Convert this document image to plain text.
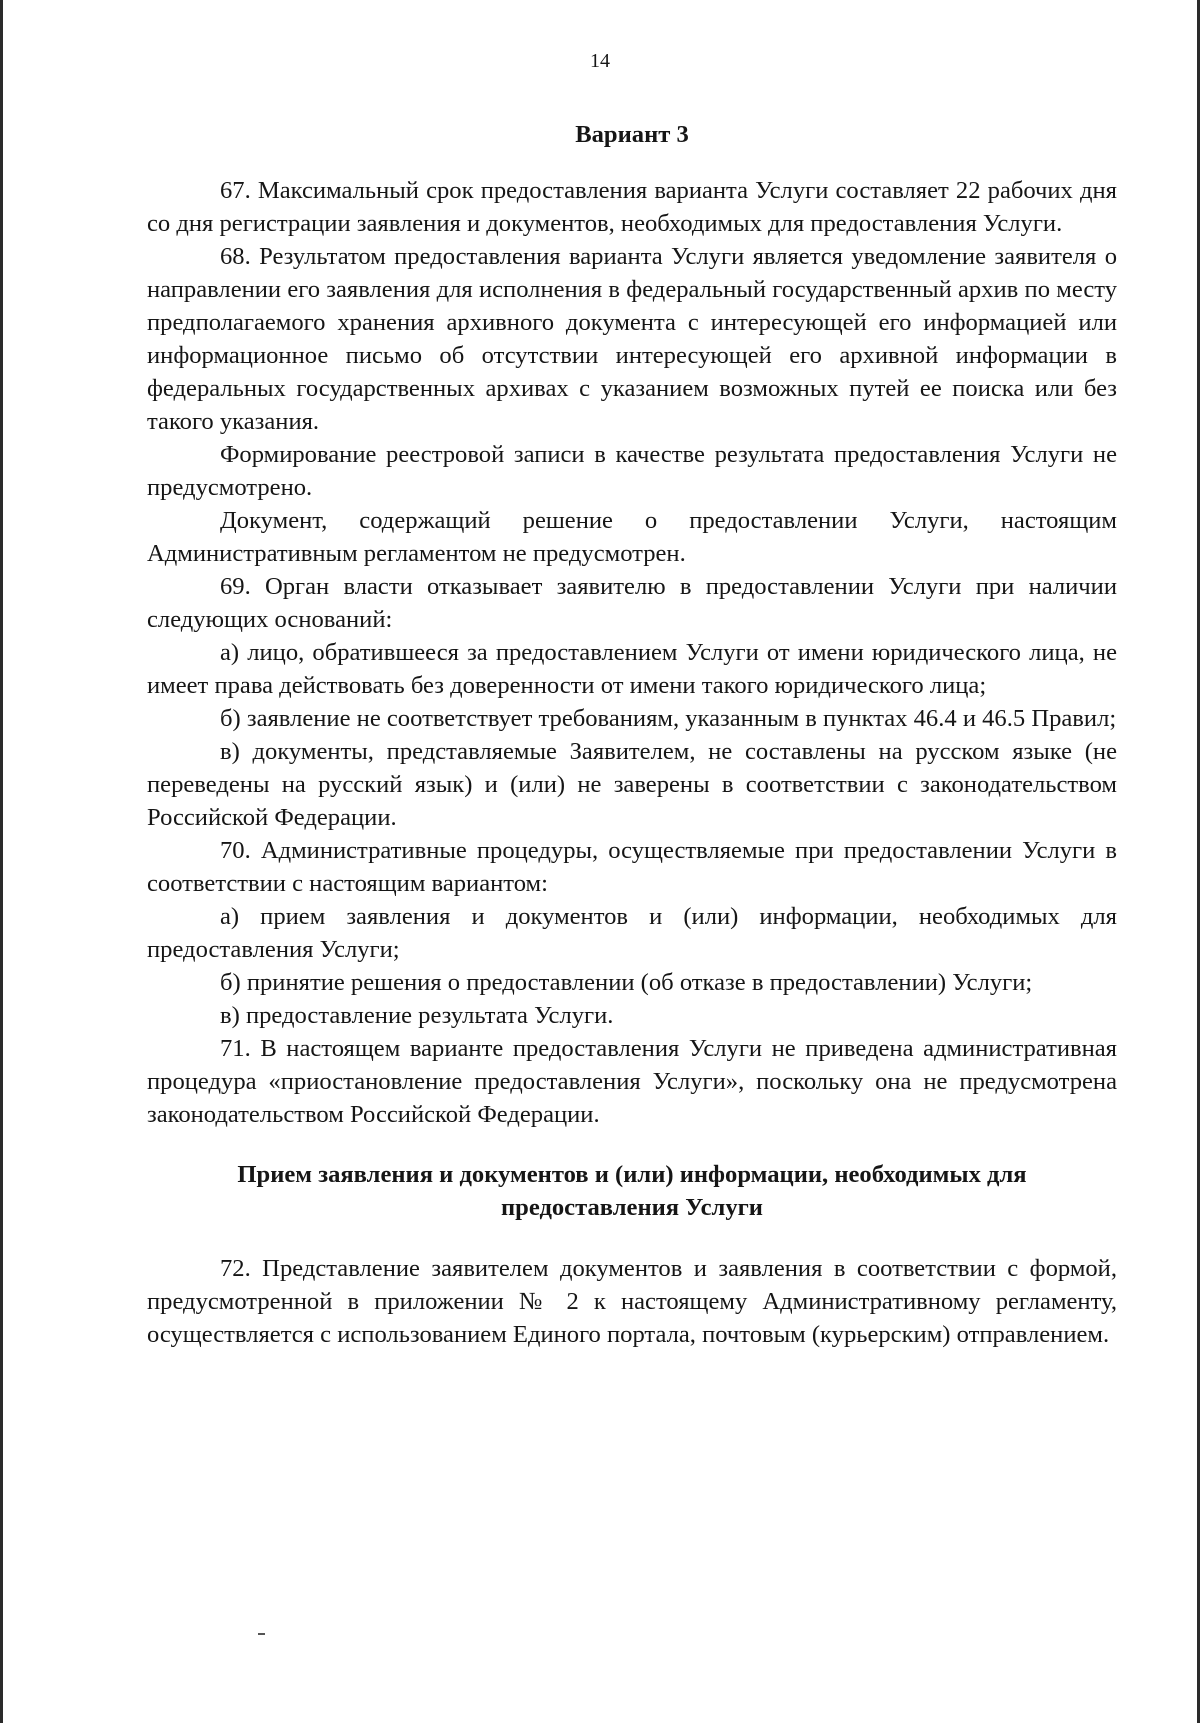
14

Вариант 3

67. Максимальный срок предоставления варианта Услуги составляет 22 рабочих дня со дня регистрации заявления и документов, необходимых для предоставления Услуги.

68. Результатом предоставления варианта Услуги является уведомление заявителя о направлении его заявления для исполнения в федеральный государственный архив по месту предполагаемого хранения архивного документа с интересующей его информацией или информационное письмо об отсутствии интересующей его архивной информации в федеральных государственных архивах с указанием возможных путей ее поиска или без такого указания.

Формирование реестровой записи в качестве результата предоставления Услуги не предусмотрено.

Документ, содержащий решение о предоставлении Услуги, настоящим Административным регламентом не предусмотрен.

69. Орган власти отказывает заявителю в предоставлении Услуги при наличии следующих оснований:

а) лицо, обратившееся за предоставлением Услуги от имени юридического лица, не имеет права действовать без доверенности от имени такого юридического лица;

б) заявление не соответствует требованиям, указанным в пунктах 46.4 и 46.5 Правил;

в) документы, представляемые Заявителем, не составлены на русском языке (не переведены на русский язык) и (или) не заверены в соответствии с законодательством Российской Федерации.

70. Административные процедуры, осуществляемые при предоставлении Услуги в соответствии с настоящим вариантом:

а) прием заявления и документов и (или) информации, необходимых для предоставления Услуги;

б) принятие решения о предоставлении (об отказе в предоставлении) Услуги;

в) предоставление результата Услуги.

71. В настоящем варианте предоставления Услуги не приведена административная процедура «приостановление предоставления Услуги», поскольку она не предусмотрена законодательством Российской Федерации.

Прием заявления и документов и (или) информации, необходимых для
предоставления Услуги

72. Представление заявителем документов и заявления в соответствии с формой, предусмотренной в приложении № 2 к настоящему Административному регламенту, осуществляется с использованием Единого портала, почтовым (курьерским) отправлением.
